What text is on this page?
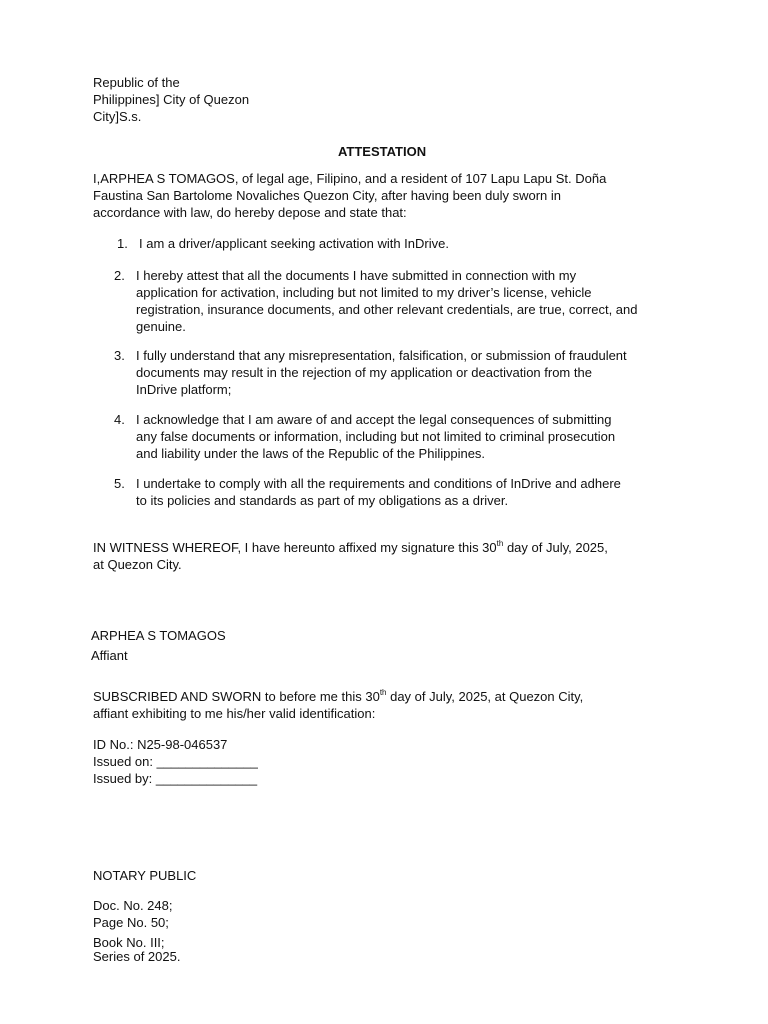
Republic of the
Philippines] City of Quezon
City]S.s.
ATTESTATION
I,ARPHEA S TOMAGOS, of legal age, Filipino, and a resident of 107 Lapu Lapu St. Doña
Faustina San Bartolome Novaliches Quezon City, after having been duly sworn in
accordance with law, do hereby depose and state that:
1. I am a driver/applicant seeking activation with InDrive.
2. I hereby attest that all the documents I have submitted in connection with my
application for activation, including but not limited to my driver’s license, vehicle
registration, insurance documents, and other relevant credentials, are true, correct, and
genuine.
3. I fully understand that any misrepresentation, falsification, or submission of fraudulent
documents may result in the rejection of my application or deactivation from the
InDrive platform;
4. I acknowledge that I am aware of and accept the legal consequences of submitting
any false documents or information, including but not limited to criminal prosecution
and liability under the laws of the Republic of the Philippines.
5. I undertake to comply with all the requirements and conditions of InDrive and adhere
to its policies and standards as part of my obligations as a driver.
IN WITNESS WHEREOF, I have hereunto affixed my signature this 30th day of July, 2025,
at Quezon City.
ARPHEA S TOMAGOS
Affiant
SUBSCRIBED AND SWORN to before me this 30th day of July, 2025, at Quezon City,
affiant exhibiting to me his/her valid identification:
ID No.: N25-98-046537
Issued on: ______________
Issued by: ______________
NOTARY PUBLIC
Doc. No. 248;
Page No. 50;
Book No. III;
Series of 2025.
